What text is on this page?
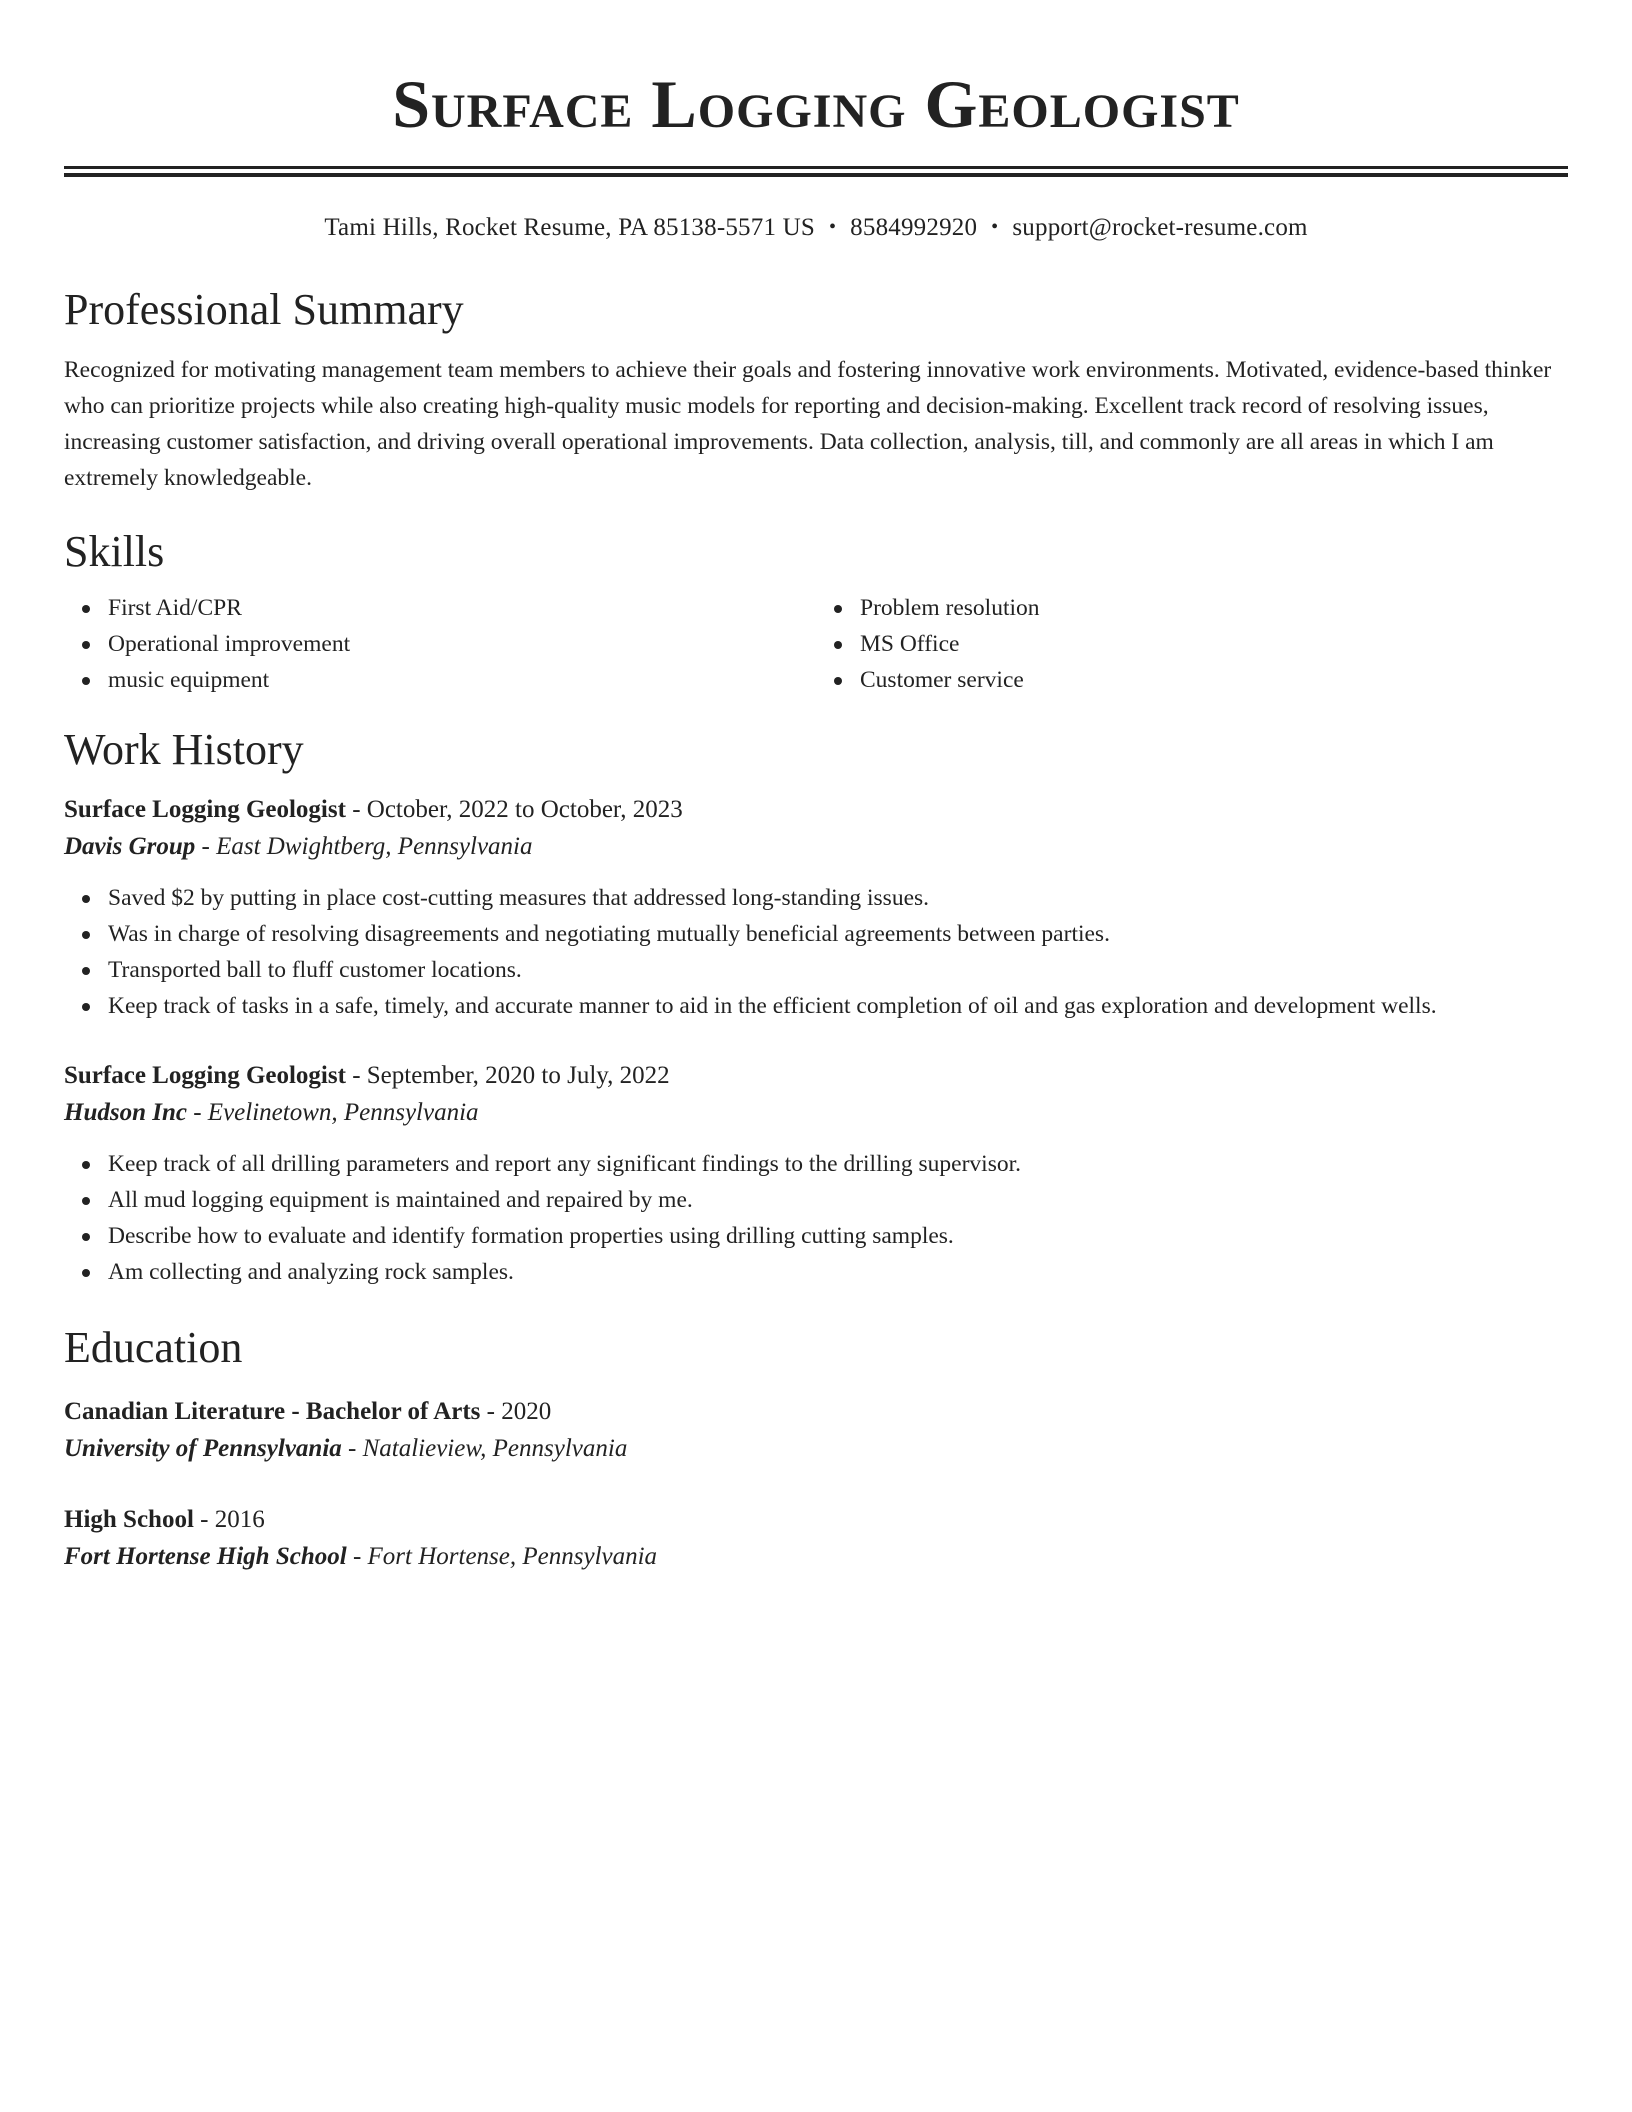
Surface Logging Geologist
Tami Hills, Rocket Resume, PA 85138-5571 US • 8584992920 • support@rocket-resume.com
Professional Summary

Recognized for motivating management team members to achieve their goals and fostering innovative work environments. Motivated, evidence-based thinker who can prioritize projects while also creating high-quality music models for reporting and decision-making. Excellent track record of resolving issues, increasing customer satisfaction, and driving overall operational improvements. Data collection, analysis, till, and commonly are all areas in which I am extremely knowledgeable.

Skills
First Aid/CPR
Operational improvement
music equipment
Problem resolution
MS Office
Customer service
Work History
Surface Logging Geologist - October, 2022 to October, 2023
Davis Group - East Dwightberg, Pennsylvania
Saved $2 by putting in place cost-cutting measures that addressed long-standing issues.
Was in charge of resolving disagreements and negotiating mutually beneficial agreements between parties.
Transported ball to fluff customer locations.
Keep track of tasks in a safe, timely, and accurate manner to aid in the efficient completion of oil and gas exploration and development wells.
Surface Logging Geologist - September, 2020 to July, 2022
Hudson Inc - Evelinetown, Pennsylvania
Keep track of all drilling parameters and report any significant findings to the drilling supervisor.
All mud logging equipment is maintained and repaired by me.
Describe how to evaluate and identify formation properties using drilling cutting samples.
Am collecting and analyzing rock samples.
Education
Canadian Literature - Bachelor of Arts - 2020
University of Pennsylvania - Natalieview, Pennsylvania
High School - 2016
Fort Hortense High School - Fort Hortense, Pennsylvania
